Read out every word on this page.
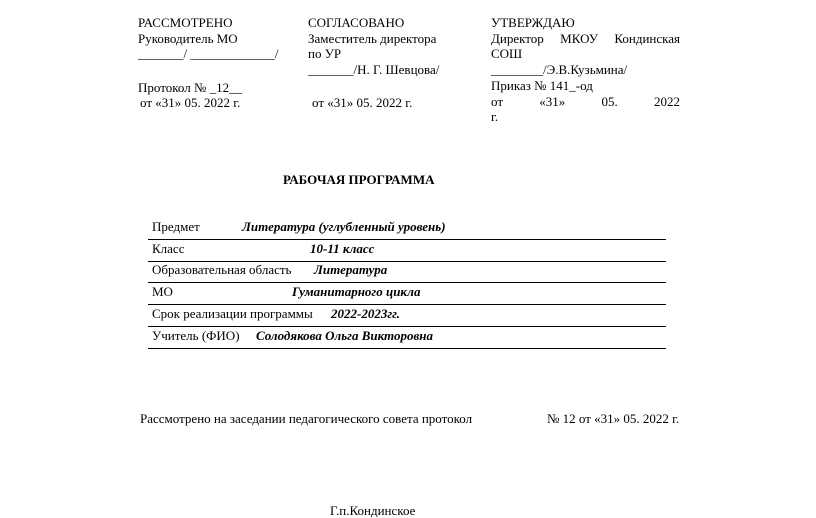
РАССМОТРЕНО
Руководитель МО
_______/ _____________/
Протокол № _12__
от «31» 05. 2022 г.
СОГЛАСОВАНО
Заместитель директора
по УР
_______/Н. Г. Шевцова/
от «31» 05. 2022 г.
УТВЕРЖДАЮ
Директор МКОУ Кондинская
СОШ
________/Э.В.Кузьмина/
Приказ № 141_-од
от	«31»	05.	2022
г.
РАБОЧАЯ ПРОГРАММА
Предмет	Литература (углубленный уровень)
Класс	10-11 класс
Образовательная область Литература
МО	Гуманитарного цикла
Срок реализации программы 2022-2023гг.
Учитель (ФИО) Солодякова Ольга Викторовна
Рассмотрено на заседании педагогического совета протокол	№ 12 от «31» 05. 2022 г.
Г.п.Кондинское
